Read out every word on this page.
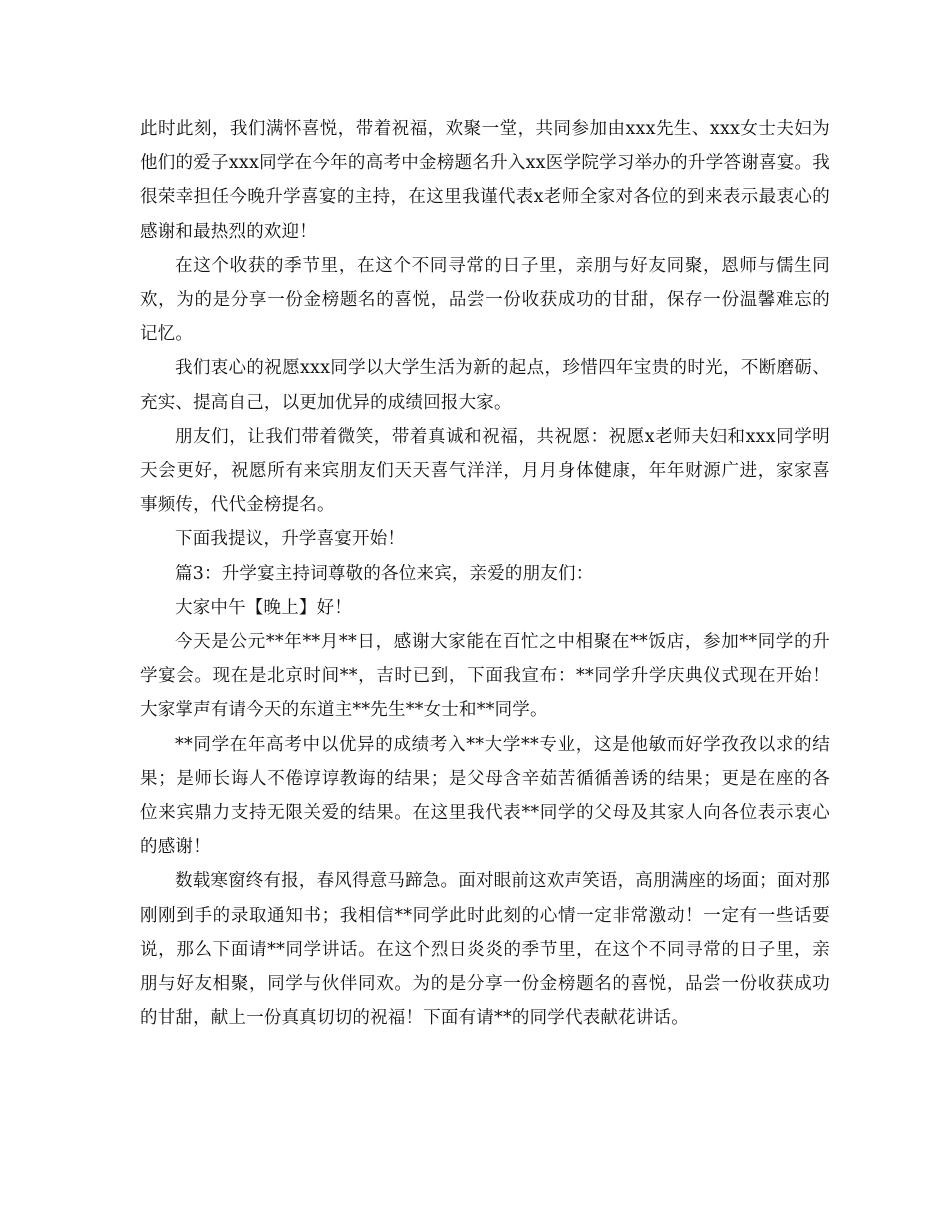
此时此刻，我们满怀喜悦，带着祝福，欢聚一堂，共同参加由xxx先生、xxx女士夫妇为他们的爱子xxx同学在今年的高考中金榜题名升入xx医学院学习举办的升学答谢喜宴。我很荣幸担任今晚升学喜宴的主持，在这里我谨代表x老师全家对各位的到来表示最衷心的感谢和最热烈的欢迎！

在这个收获的季节里，在这个不同寻常的日子里，亲朋与好友同聚，恩师与儒生同欢，为的是分享一份金榜题名的喜悦，品尝一份收获成功的甘甜，保存一份温馨难忘的记忆。

我们衷心的祝愿xxx同学以大学生活为新的起点，珍惜四年宝贵的时光，不断磨砺、充实、提高自己，以更加优异的成绩回报大家。

朋友们，让我们带着微笑，带着真诚和祝福，共祝愿：祝愿x老师夫妇和xxx同学明天会更好，祝愿所有来宾朋友们天天喜气洋洋，月月身体健康，年年财源广进，家家喜事频传，代代金榜提名。

下面我提议，升学喜宴开始！

篇3：升学宴主持词尊敬的各位来宾，亲爱的朋友们：

大家中午【晚上】好！

今天是公元**年**月**日，感谢大家能在百忙之中相聚在**饭店，参加**同学的升学宴会。现在是北京时间**，吉时已到，下面我宣布：**同学升学庆典仪式现在开始！大家掌声有请今天的东道主**先生**女士和**同学。

**同学在年高考中以优异的成绩考入**大学**专业，这是他敏而好学孜孜以求的结果；是师长诲人不倦谆谆教诲的结果；是父母含辛茹苦循循善诱的结果；更是在座的各位来宾鼎力支持无限关爱的结果。在这里我代表**同学的父母及其家人向各位表示衷心的感谢！

数载寒窗终有报，春风得意马蹄急。面对眼前这欢声笑语，高朋满座的场面；面对那刚刚到手的录取通知书；我相信**同学此时此刻的心情一定非常激动！一定有一些话要说，那么下面请**同学讲话。在这个烈日炎炎的季节里，在这个不同寻常的日子里，亲朋与好友相聚，同学与伙伴同欢。为的是分享一份金榜题名的喜悦，品尝一份收获成功的甘甜，献上一份真真切切的祝福！下面有请**的同学代表献花讲话。
